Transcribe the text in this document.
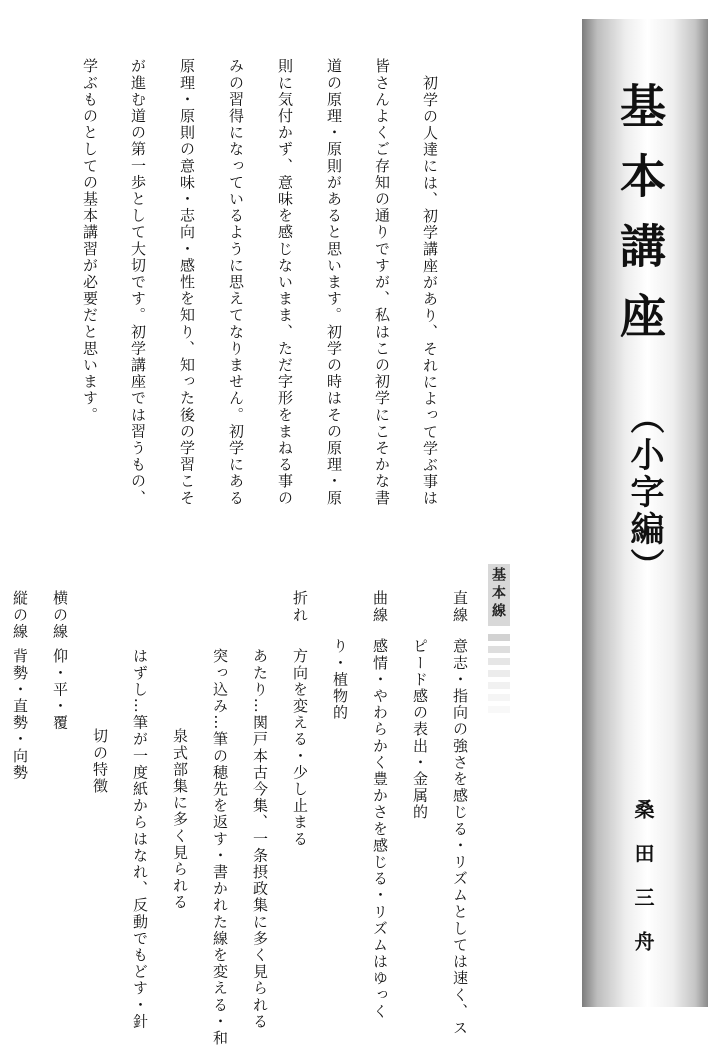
基本講座
（小字編）
桑田三舟
初学の人達には、初学講座があり、それによって学ぶ事は
皆さんよくご存知の通りですが、私はこの初学にこそかな書
道の原理・原則があると思います。初学の時はその原理・原
則に気付かず、意味を感じないまま、ただ字形をまねる事の
みの習得になっているように思えてなりません。初学にある
原理・原則の意味・志向・感性を知り、知った後の学習こそ
が進む道の第一歩として大切です。初学講座では習うもの、
学ぶものとしての基本講習が必要だと思います。
基本線
直線
意志・指向の強さを感じる・リズムとしては速く、ス
ピード感の表出・金属的
曲線
感情・やわらかく豊かさを感じる・リズムはゆっく
り・植物的
折れ
方向を変える・少し止まる
あたり…関戸本古今集、一条摂政集に多く見られる
突っ込み…筆の穂先を返す・書かれた線を変える・和
泉式部集に多く見られる
はずし…筆が一度紙からはなれ、反動でもどす・針
切の特徴
横の線
仰・平・覆
縦の線
背勢・直勢・向勢
